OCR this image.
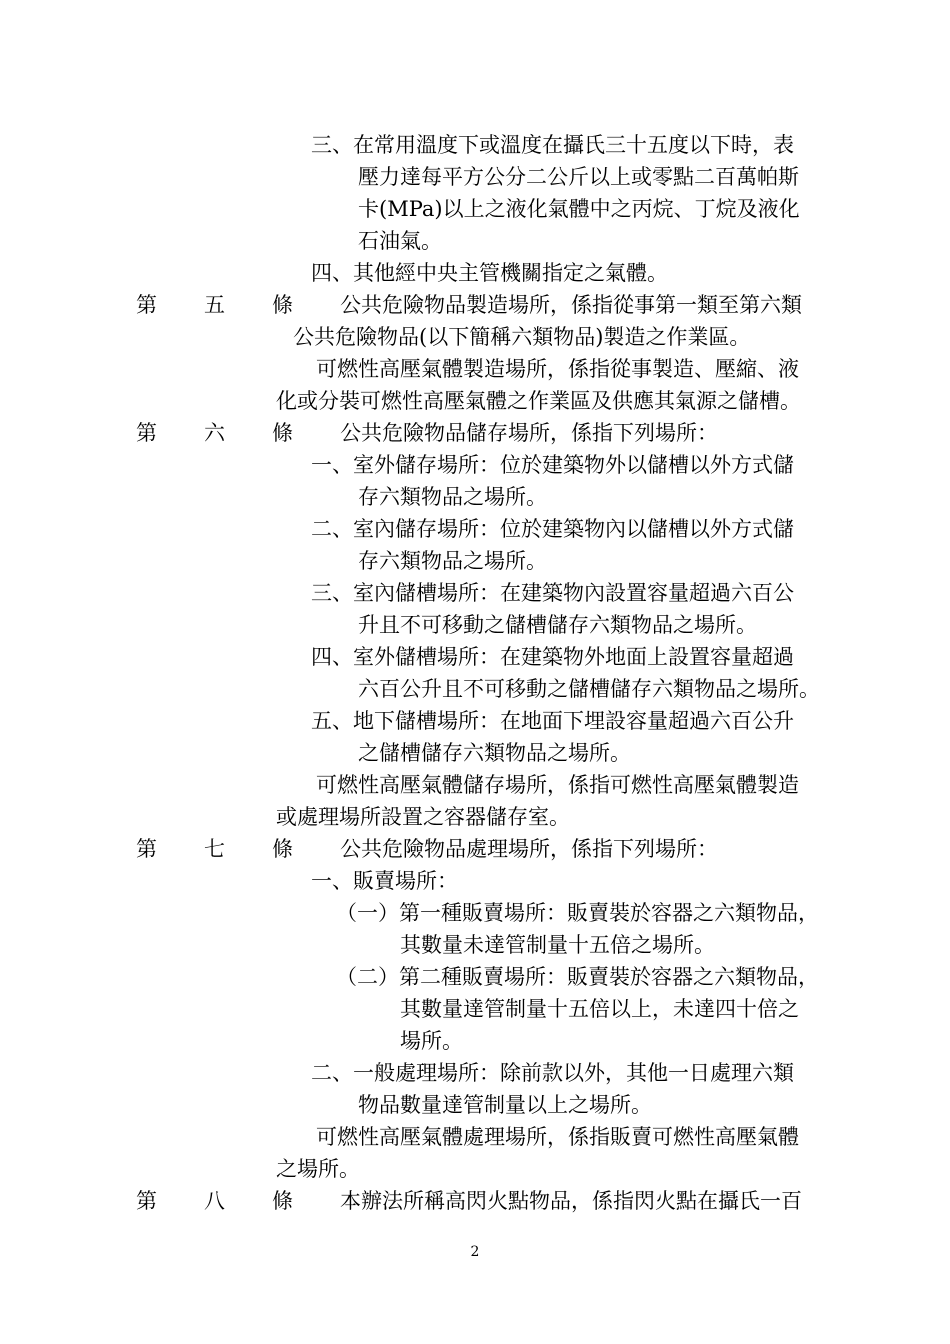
三、在常用溫度下或溫度在攝氏三十五度以下時，表
壓力達每平方公分二公斤以上或零點二百萬帕斯
卡(MPa)以上之液化氣體中之丙烷、丁烷及液化
石油氣。
四、其他經中央主管機關指定之氣體。
公共危險物品製造場所，係指從事第一類至第六類
公共危險物品(以下簡稱六類物品)製造之作業區。
可燃性高壓氣體製造場所，係指從事製造、壓縮、液
化或分裝可燃性高壓氣體之作業區及供應其氣源之儲槽。
公共危險物品儲存場所，係指下列場所：
一、室外儲存場所：位於建築物外以儲槽以外方式儲
存六類物品之場所。
二、室內儲存場所：位於建築物內以儲槽以外方式儲
存六類物品之場所。
三、室內儲槽場所：在建築物內設置容量超過六百公
升且不可移動之儲槽儲存六類物品之場所。
四、室外儲槽場所：在建築物外地面上設置容量超過
六百公升且不可移動之儲槽儲存六類物品之場所。
五、地下儲槽場所：在地面下埋設容量超過六百公升
之儲槽儲存六類物品之場所。
可燃性高壓氣體儲存場所，係指可燃性高壓氣體製造
或處理場所設置之容器儲存室。
公共危險物品處理場所，係指下列場所：
一、販賣場所：
（一）第一種販賣場所：販賣裝於容器之六類物品，
其數量未達管制量十五倍之場所。
（二）第二種販賣場所：販賣裝於容器之六類物品，
其數量達管制量十五倍以上，未達四十倍之
場所。
二、一般處理場所：除前款以外，其他一日處理六類
物品數量達管制量以上之場所。
可燃性高壓氣體處理場所，係指販賣可燃性高壓氣體
之場所。
本辦法所稱高閃火點物品，係指閃火點在攝氏一百
第 五 條
第 六 條
第 七 條
第 八 條
2
